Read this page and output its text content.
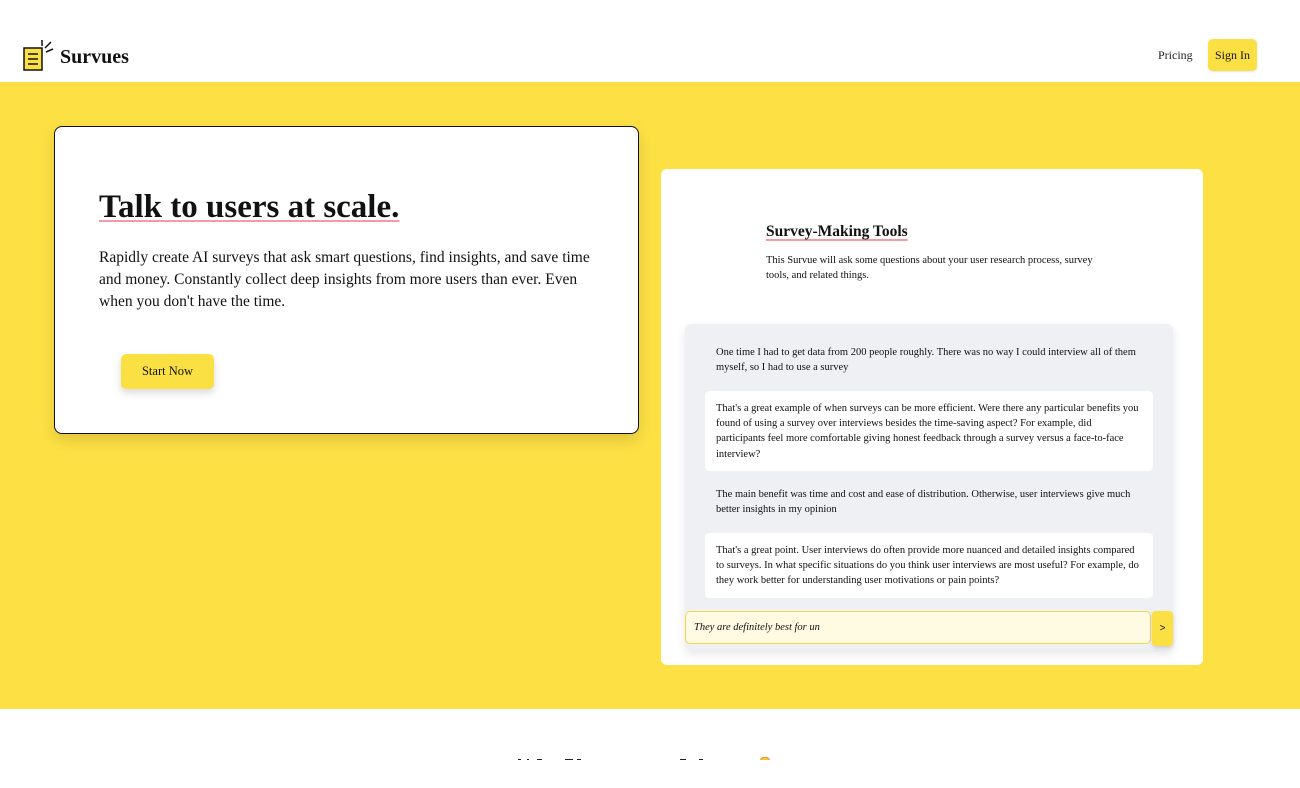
Survues	Pricing	Sign In
Talk to users at scale.

Rapidly create AI surveys that ask smart questions, find insights, and save time and money. Constantly collect deep insights from more users than ever. Even when you don't have the time.

Start Now
Survey-Making Tools
This Survue will ask some questions about your user research process, survey tools, and related things.
One time I had to get data from 200 people roughly. There was no way I could interview all of them myself, so I had to use a survey
That's a great example of when surveys can be more efficient. Were there any particular benefits you found of using a survey over interviews besides the time-saving aspect? For example, did participants feel more comfortable giving honest feedback through a survey versus a face-to-face interview?
The main benefit was time and cost and ease of distribution. Otherwise, user interviews give much better insights in my opinion
That's a great point. User interviews do often provide more nuanced and detailed insights compared to surveys. In what specific situations do you think user interviews are most useful? For example, do they work better for understanding user motivations or pain points?
They are definitely best for un
>
